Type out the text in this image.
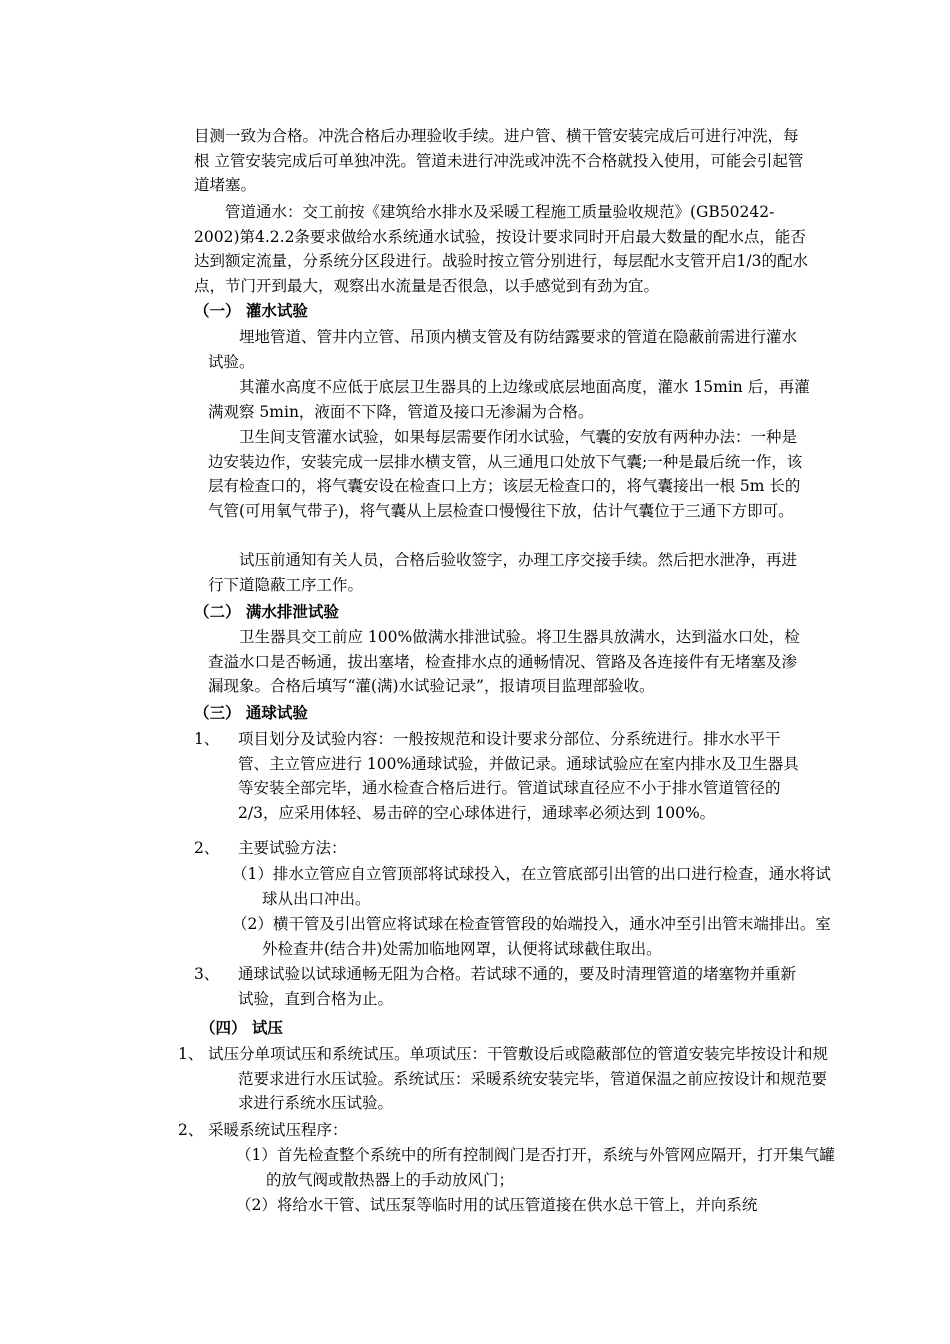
目测一致为合格。冲洗合格后办理验收手续。进户管、横干管安装完成后可进行冲洗，每根 立管安装完成后可单独冲洗。管道未进行冲洗或冲洗不合格就投入使用，可能会引起管道堵塞。

管道通水：交工前按《建筑给水排水及采暖工程施工质量验收规范》(GB50242-2002)第4.2.2条要求做给水系统通水试验，按设计要求同时开启最大数量的配水点，能否达到额定流量，分系统分区段进行。战验时按立管分别进行，每层配水支管开启1/3的配水点，节门开到最大，观察出水流量是否很急，以手感觉到有劲为宜。

（一） 灌水试验

埋地管道、管井内立管、吊顶内横支管及有防结露要求的管道在隐蔽前需进行灌水试验。

其灌水高度不应低于底层卫生器具的上边缘或底层地面高度，灌水 15min 后，再灌满观察 5min，液面不下降，管道及接口无渗漏为合格。

卫生间支管灌水试验，如果每层需要作闭水试验，气囊的安放有两种办法：一种是边安装边作，安装完成一层排水横支管，从三通甩口处放下气囊;一种是最后统一作，该层有检查口的，将气囊安设在检查口上方；该层无检查口的，将气囊接出一根 5m 长的气管(可用氧气带子)，将气囊从上层检查口慢慢往下放，估计气囊位于三通下方即可。

试压前通知有关人员，合格后验收签字，办理工序交接手续。然后把水泄净，再进行下道隐蔽工序工作。

（二） 满水排泄试验

卫生器具交工前应 100%做满水排泄试验。将卫生器具放满水，达到溢水口处，检查溢水口是否畅通，拔出塞堵，检查排水点的通畅情况、管路及各连接件有无堵塞及渗漏现象。合格后填写“灌(满)水试验记录”，报请项目监理部验收。

（三） 通球试验
1、	项目划分及试验内容：一般按规范和设计要求分部位、分系统进行。排水水平干管、主立管应进行 100%通球试验，并做记录。通球试验应在室内排水及卫生器具等安装全部完毕，通水检查合格后进行。管道试球直径应不小于排水管道管径的 2/3，应采用体轻、易击碎的空心球体进行，通球率必须达到 100%。

2、	主要试验方法：

（1）排水立管应自立管顶部将试球投入，在立管底部引出管的出口进行检查，通水将试球从出口冲出。

（2）横干管及引出管应将试球在检查管管段的始端投入，通水冲至引出管末端排出。室外检查井(结合井)处需加临地网罩，认便将试球截住取出。

3、	通球试验以试球通畅无阻为合格。若试球不通的，要及时清理管道的堵塞物并重新试验，直到合格为止。

（四） 试压
1、 试压分单项试压和系统试压。单项试压：干管敷设后或隐蔽部位的管道安装完毕按设计和规范要求进行水压试验。系统试压：采暖系统安装完毕，管道保温之前应按设计和规范要求进行系统水压试验。

2、 采暖系统试压程序：

（1）首先检查整个系统中的所有控制阀门是否打开，系统与外管网应隔开，打开集气罐的放气阀或散热器上的手动放风门；

（2）将给水干管、试压泵等临时用的试压管道接在供水总干管上，并向系统
